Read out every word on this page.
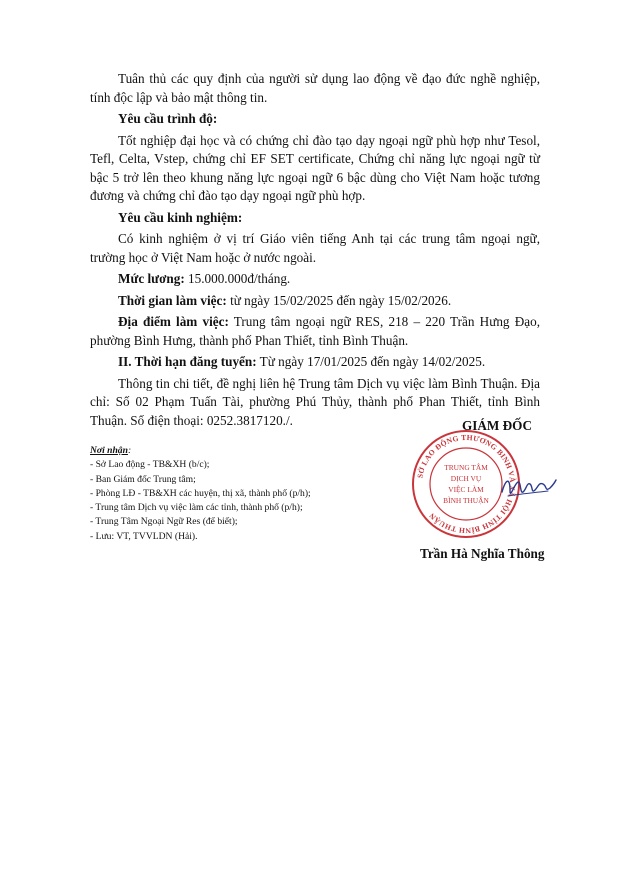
Tuân thủ các quy định của người sử dụng lao động về đạo đức nghề nghiệp, tính độc lập và bảo mật thông tin.

Yêu cầu trình độ:

Tốt nghiệp đại học và có chứng chỉ đào tạo dạy ngoại ngữ phù hợp như Tesol, Tefl, Celta, Vstep, chứng chỉ EF SET certificate, Chứng chỉ năng lực ngoại ngữ từ bậc 5 trở lên theo khung năng lực ngoại ngữ 6 bậc dùng cho Việt Nam hoặc tương đương và chứng chỉ đào tạo dạy ngoại ngữ phù hợp.

Yêu cầu kinh nghiệm:

Có kinh nghiệm ở vị trí Giáo viên tiếng Anh tại các trung tâm ngoại ngữ, trường học ở Việt Nam hoặc ở nước ngoài.

Mức lương: 15.000.000đ/tháng.

Thời gian làm việc: từ ngày 15/02/2025 đến ngày 15/02/2026.

Địa điểm làm việc: Trung tâm ngoại ngữ RES, 218 – 220 Trần Hưng Đạo, phường Bình Hưng, thành phố Phan Thiết, tỉnh Bình Thuận.

II. Thời hạn đăng tuyển: Từ ngày 17/01/2025 đến ngày 14/02/2025.

Thông tin chi tiết, đề nghị liên hệ Trung tâm Dịch vụ việc làm Bình Thuận. Địa chỉ: Số 02 Phạm Tuấn Tài, phường Phú Thủy, thành phố Phan Thiết, tỉnh Bình Thuận. Số điện thoại: 0252.3817120./.

Nơi nhận:
- Sở Lao động - TB&XH (b/c);
- Ban Giám đốc Trung tâm;
- Phòng LĐ - TB&XH các huyện, thị xã, thành phố (p/h);
- Trung tâm Dịch vụ việc làm các tỉnh, thành phố (p/h);
- Trung Tâm Ngoại Ngữ Res (để biết);
- Lưu: VT, TVVLDN (Hải).
SỞ LAO ĐỘNG THƯƠNG BINH VÀ XÃ HỘI TỈNH BÌNH THUẬN
TRUNG TÂM
DỊCH VỤ
VIỆC LÀM
BÌNH THUẬN
GIÁM ĐỐC
Trần Hà Nghĩa Thông
